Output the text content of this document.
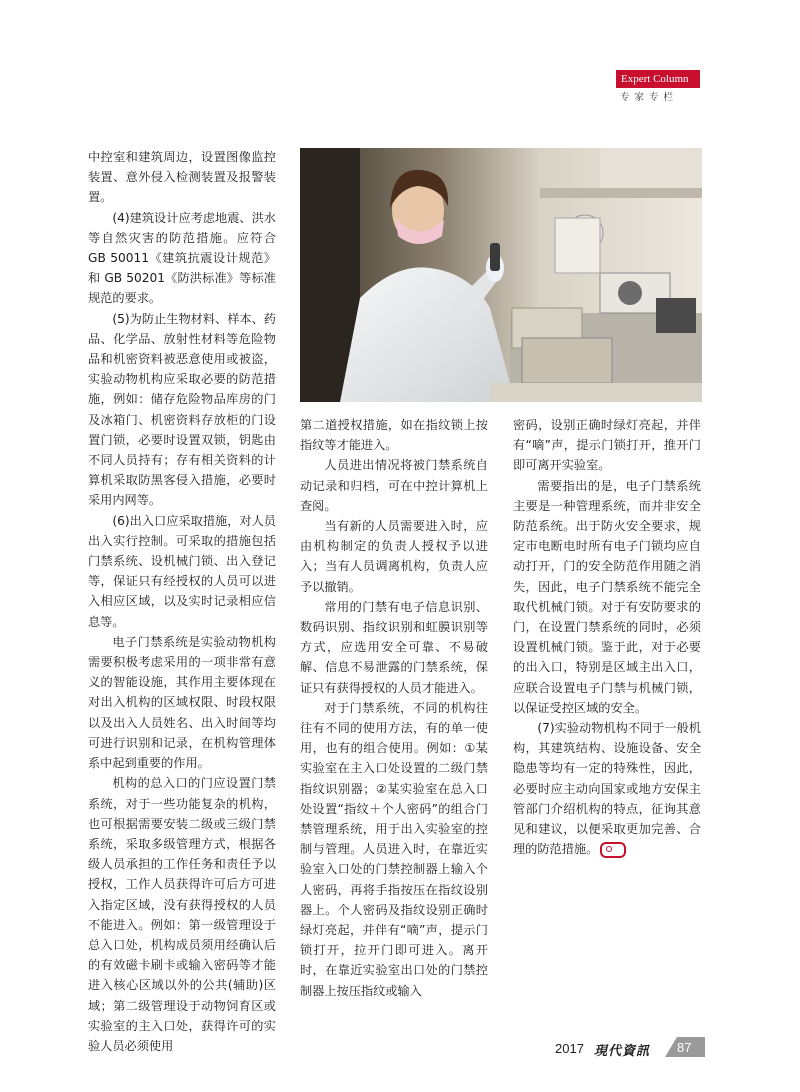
Expert Column
专 家 专 栏

中控室和建筑周边，设置图像监控装置、意外侵入检测装置及报警装置。

(4)建筑设计应考虑地震、洪水等自然灾害的防范措施。应符合 GB 50011《建筑抗震设计规范》和 GB 50201《防洪标准》等标准规范的要求。

(5)为防止生物材料、样本、药品、化学品、放射性材料等危险物品和机密资料被恶意使用或被盗，实验动物机构应采取必要的防范措施，例如：储存危险物品库房的门及冰箱门、机密资料存放柜的门设置门锁，必要时设置双锁，钥匙由不同人员持有；存有相关资料的计算机采取防黑客侵入措施，必要时采用内网等。

(6)出入口应采取措施，对人员出入实行控制。可采取的措施包括门禁系统、设机械门锁、出入登记等，保证只有经授权的人员可以进入相应区域，以及实时记录相应信息等。

电子门禁系统是实验动物机构需要积极考虑采用的一项非常有意义的智能设施，其作用主要体现在对出入机构的区域权限、时段权限以及出入人员姓名、出入时间等均可进行识别和记录，在机构管理体系中起到重要的作用。

机构的总入口的门应设置门禁系统，对于一些功能复杂的机构，也可根据需要安装二级或三级门禁系统，采取多级管理方式，根据各级人员承担的工作任务和责任予以授权，工作人员获得许可后方可进入指定区域，没有获得授权的人员不能进入。例如：第一级管理设于总入口处，机构成员须用经确认后的有效磁卡刷卡或输入密码等才能进入核心区域以外的公共(辅助)区域；第二级管理设于动物饲育区或实验室的主入口处，获得许可的实验人员必须使用

第二道授权措施，如在指纹锁上按指纹等才能进入。

人员进出情况将被门禁系统自动记录和归档，可在中控计算机上查阅。

当有新的人员需要进入时，应由机构制定的负责人授权予以进入；当有人员调离机构，负责人应予以撤销。

常用的门禁有电子信息识别、数码识别、指纹识别和虹膜识别等方式，应选用安全可靠、不易破解、信息不易泄露的门禁系统，保证只有获得授权的人员才能进入。

对于门禁系统，不同的机构往往有不同的使用方法，有的单一使用，也有的组合使用。例如：①某实验室在主入口处设置的二级门禁指纹识别器；②某实验室在总入口处设置“指纹＋个人密码”的组合门禁管理系统，用于出入实验室的控制与管理。人员进入时，在靠近实验室入口处的门禁控制器上输入个人密码，再将手指按压在指纹设别器上。个人密码及指纹设别正确时绿灯亮起，并伴有“嘀”声，提示门锁打开，拉开门即可进入。离开时，在靠近实验室出口处的门禁控制器上按压指纹或输入

密码，设别正确时绿灯亮起，并伴有“嘀”声，提示门锁打开，推开门即可离开实验室。

需要指出的是，电子门禁系统主要是一种管理系统，而并非安全防范系统。出于防火安全要求，规定市电断电时所有电子门锁均应自动打开，门的安全防范作用随之消失，因此，电子门禁系统不能完全取代机械门锁。对于有安防要求的门，在设置门禁系统的同时，必须设置机械门锁。鉴于此，对于必要的出入口，特别是区域主出入口，应联合设置电子门禁与机械门锁，以保证受控区域的安全。

(7)实验动物机构不同于一般机构，其建筑结构、设施设备、安全隐患等均有一定的特殊性，因此，必要时应主动向国家或地方安保主管部门介绍机构的特点，征询其意见和建议，以便采取更加完善、合理的防范措施。

2017 現代資訊 87
